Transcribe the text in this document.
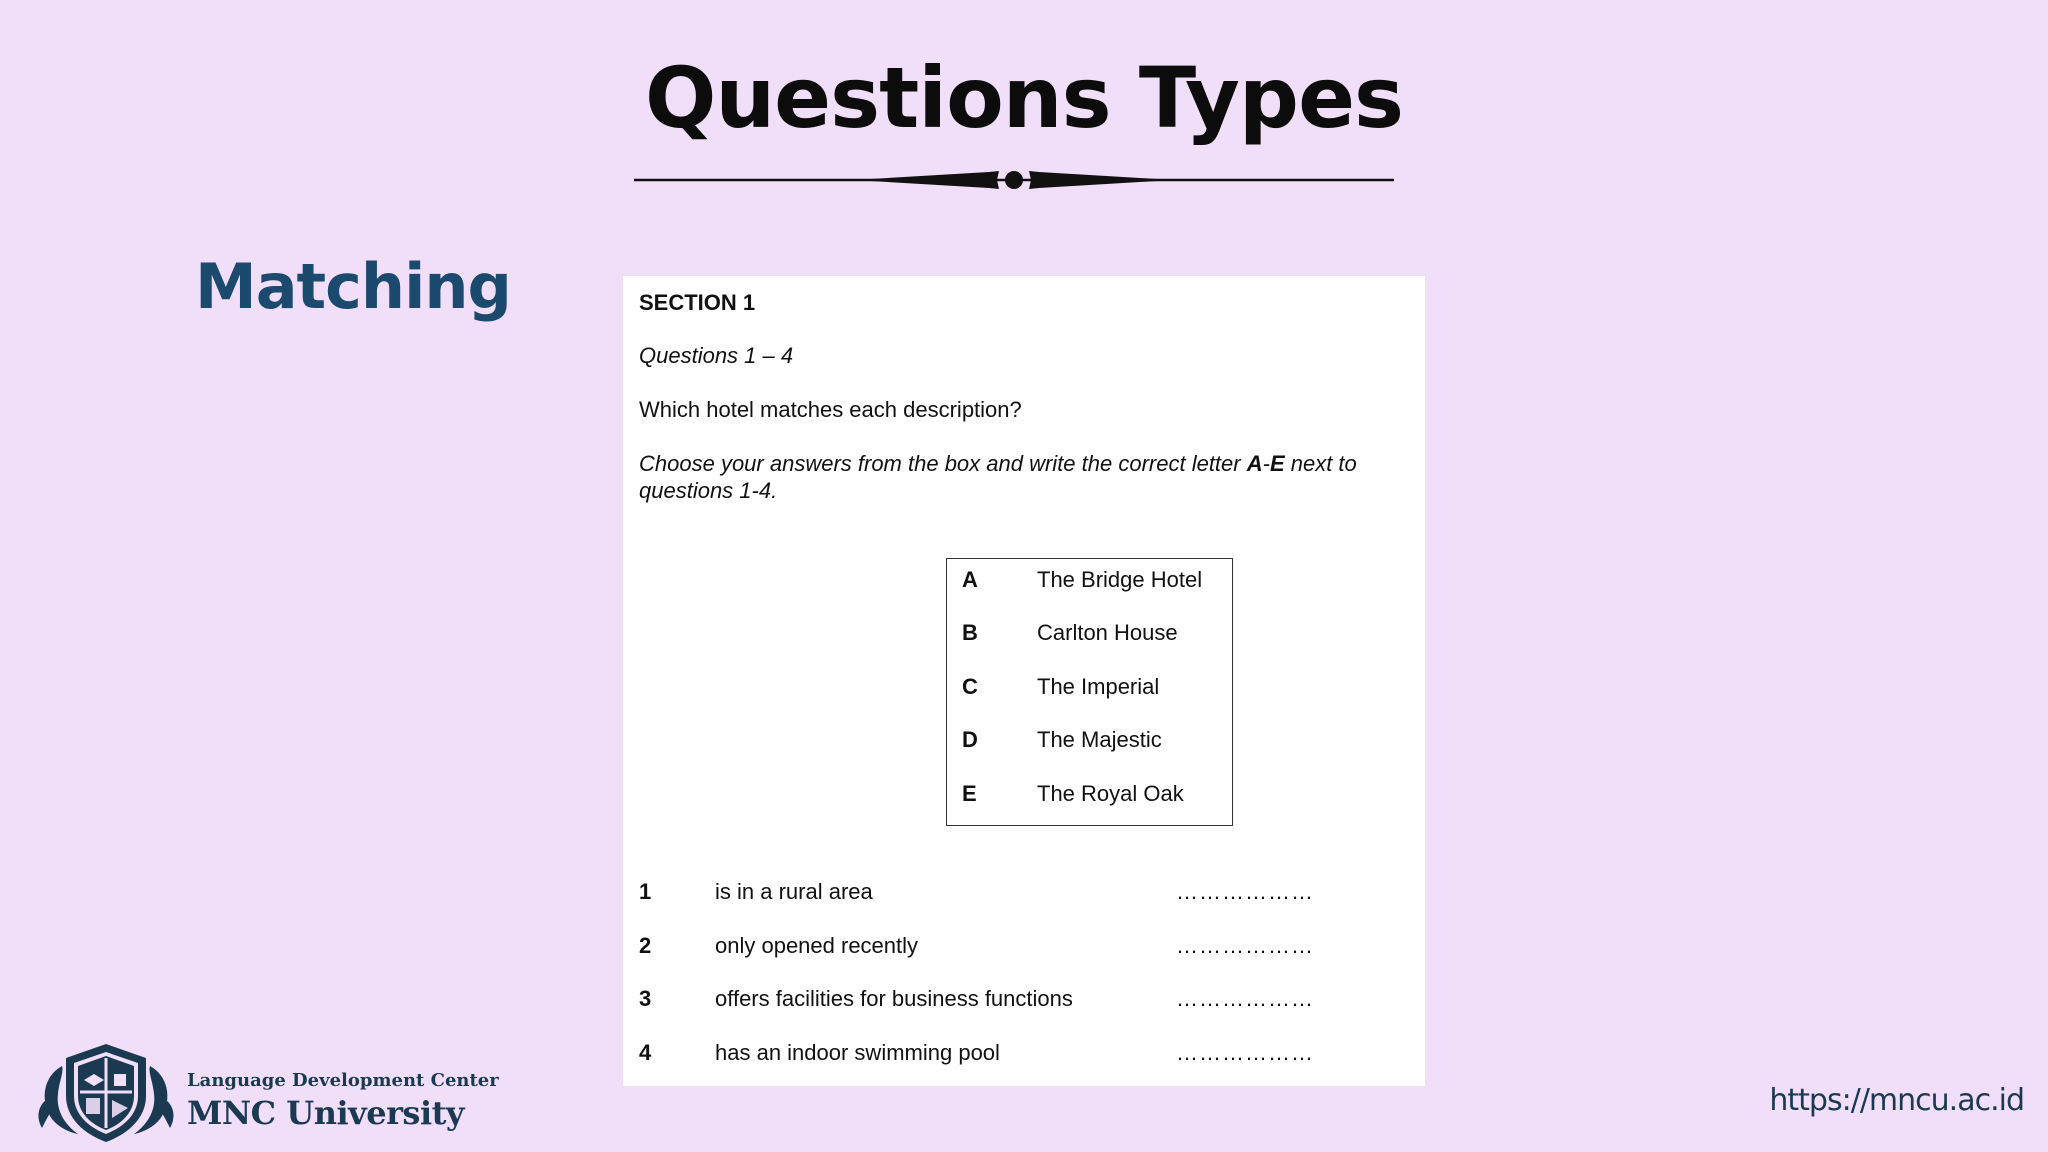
Questions Types
Matching	SECTION 1
Questions 1 – 4
Which hotel matches each description?
Choose your answers from the box and write the correct letter A-E next to questions 1-4.
A	The Bridge Hotel
B	Carlton House
C	The Imperial
D	The Majestic
E	The Royal Oak
1	is in a rural area	………………
2	only opened recently	………………
3	offers facilities for business functions	………………
4	has an indoor swimming pool	………………
Language Development Center
MNC University	https://mncu.ac.id
